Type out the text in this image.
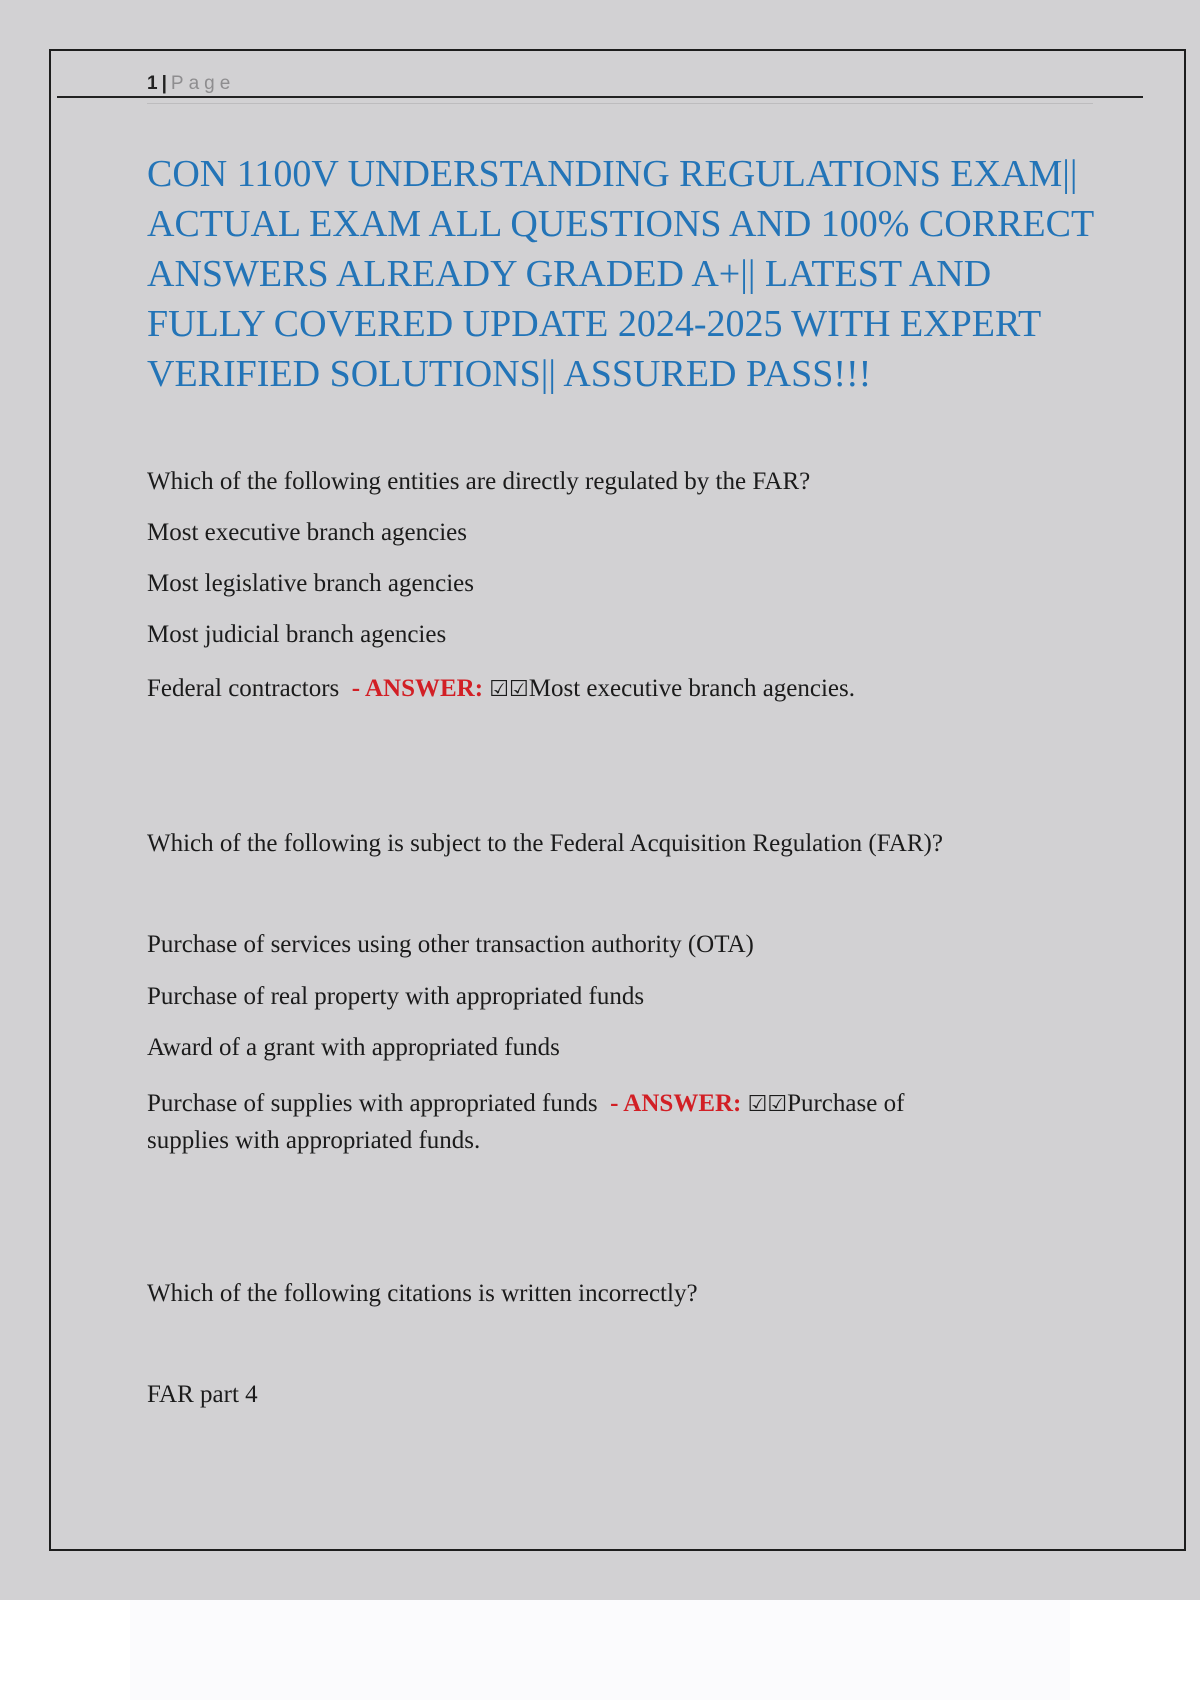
1 | Page
CON 1100V UNDERSTANDING REGULATIONS EXAM|| ACTUAL EXAM ALL QUESTIONS AND 100% CORRECT ANSWERS ALREADY GRADED A+|| LATEST AND FULLY COVERED UPDATE 2024-2025 WITH EXPERT VERIFIED SOLUTIONS|| ASSURED PASS!!!
Which of the following entities are directly regulated by the FAR?
Most executive branch agencies
Most legislative branch agencies
Most judicial branch agencies
Federal contractors - ANSWER: ☑☑Most executive branch agencies.
Which of the following is subject to the Federal Acquisition Regulation (FAR)?
Purchase of services using other transaction authority (OTA)
Purchase of real property with appropriated funds
Award of a grant with appropriated funds
Purchase of supplies with appropriated funds - ANSWER: ☑☑Purchase of
supplies with appropriated funds.
Which of the following citations is written incorrectly?
FAR part 4
